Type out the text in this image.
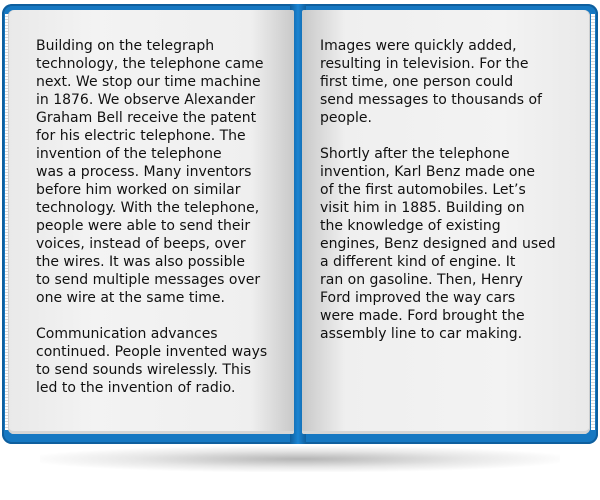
Building on the telegraph
technology, the telephone came
next. We stop our time machine
in 1876. We observe Alexander
Graham Bell receive the patent
for his electric telephone. The
invention of the telephone
was a process. Many inventors
before him worked on similar
technology. With the telephone,
people were able to send their
voices, instead of beeps, over
the wires. It was also possible
to send multiple messages over
one wire at the same time.

Communication advances
continued. People invented ways
to send sounds wirelessly. This
led to the invention of radio.

Images were quickly added,
resulting in television. For the
first time, one person could
send messages to thousands of
people.

Shortly after the telephone
invention, Karl Benz made one
of the first automobiles. Let’s
visit him in 1885. Building on
the knowledge of existing
engines, Benz designed and used
a different kind of engine. It
ran on gasoline. Then, Henry
Ford improved the way cars
were made. Ford brought the
assembly line to car making.
